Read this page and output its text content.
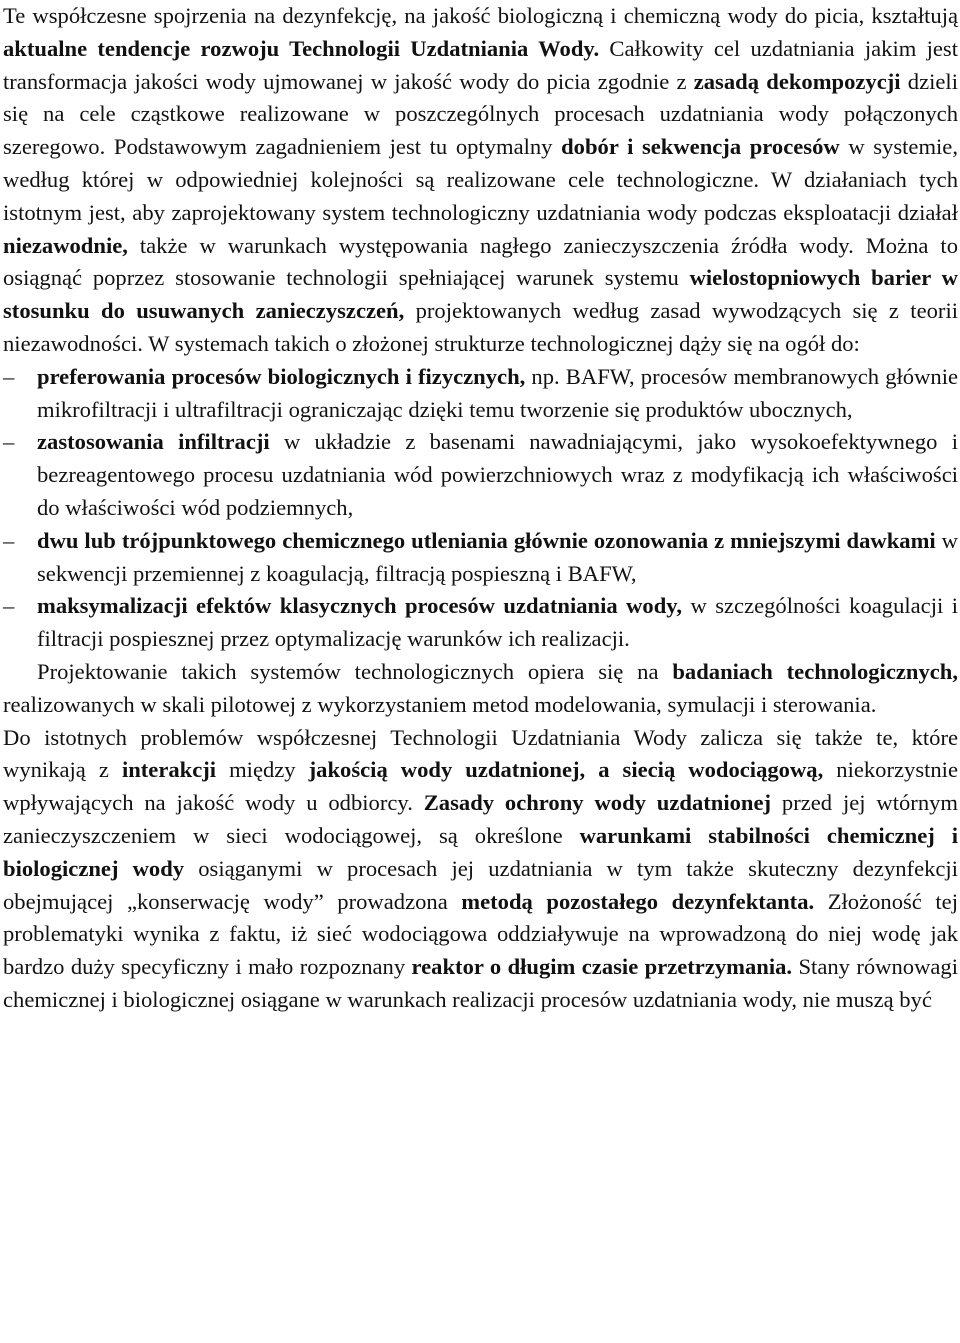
Te współczesne spojrzenia na dezynfekcję, na jakość biologiczną i chemiczną wody do picia, kształtują aktualne tendencje rozwoju Technologii Uzdatniania Wody. Całkowity cel uzdatniania jakim jest transformacja jakości wody ujmowanej w jakość wody do picia zgodnie z zasadą dekompozycji dzieli się na cele cząstkowe realizowane w poszczególnych procesach uzdatniania wody połączonych szeregowo. Podstawowym zagadnieniem jest tu optymalny dobór i sekwencja procesów w systemie, według której w odpowiedniej kolejności są realizowane cele technologiczne. W działaniach tych istotnym jest, aby zaprojektowany system technologiczny uzdatniania wody podczas eksploatacji działał niezawodnie, także w warunkach występowania nagłego zanieczyszczenia źródła wody. Można to osiągnąć poprzez stosowanie technologii spełniającej warunek systemu wielostopniowych barier w stosunku do usuwanych zanieczyszczeń, projektowanych według zasad wywodzących się z teorii niezawodności. W systemach takich o złożonej strukturze technologicznej dąży się na ogół do:

–	preferowania procesów biologicznych i fizycznych, np. BAFW, procesów membranowych głównie mikrofiltracji i ultrafiltracji ograniczając dzięki temu tworzenie się produktów ubocznych,
–	zastosowania infiltracji w układzie z basenami nawadniającymi, jako wysokoefektywnego i bezreagentowego procesu uzdatniania wód powierzchniowych wraz z modyfikacją ich właściwości do właściwości wód podziemnych,
–	dwu lub trójpunktowego chemicznego utleniania głównie ozonowania z mniejszymi dawkami w sekwencji przemiennej z koagulacją, filtracją pospieszną i BAFW,
–	maksymalizacji efektów klasycznych procesów uzdatniania wody, w szczególności koagulacji i filtracji pospiesznej przez optymalizację warunków ich realizacji.

Projektowanie takich systemów technologicznych opiera się na badaniach technologicznych, realizowanych w skali pilotowej z wykorzystaniem metod modelowania, symulacji i sterowania.

Do istotnych problemów współczesnej Technologii Uzdatniania Wody zalicza się także te, które wynikają z interakcji między jakością wody uzdatnionej, a siecią wodociągową, niekorzystnie wpływających na jakość wody u odbiorcy. Zasady ochrony wody uzdatnionej przed jej wtórnym zanieczyszczeniem w sieci wodociągowej, są określone warunkami stabilności chemicznej i biologicznej wody osiąganymi w procesach jej uzdatniania w tym także skuteczny dezynfekcji obejmującej „konserwację wody” prowadzona metodą pozostałego dezynfektanta. Złożoność tej problematyki wynika z faktu, iż sieć wodociągowa oddziaływuje na wprowadzoną do niej wodę jak bardzo duży specyficzny i mało rozpoznany reaktor o długim czasie przetrzymania. Stany równowagi chemicznej i biologicznej osiągane w warunkach realizacji procesów uzdatniania wody, nie muszą być
